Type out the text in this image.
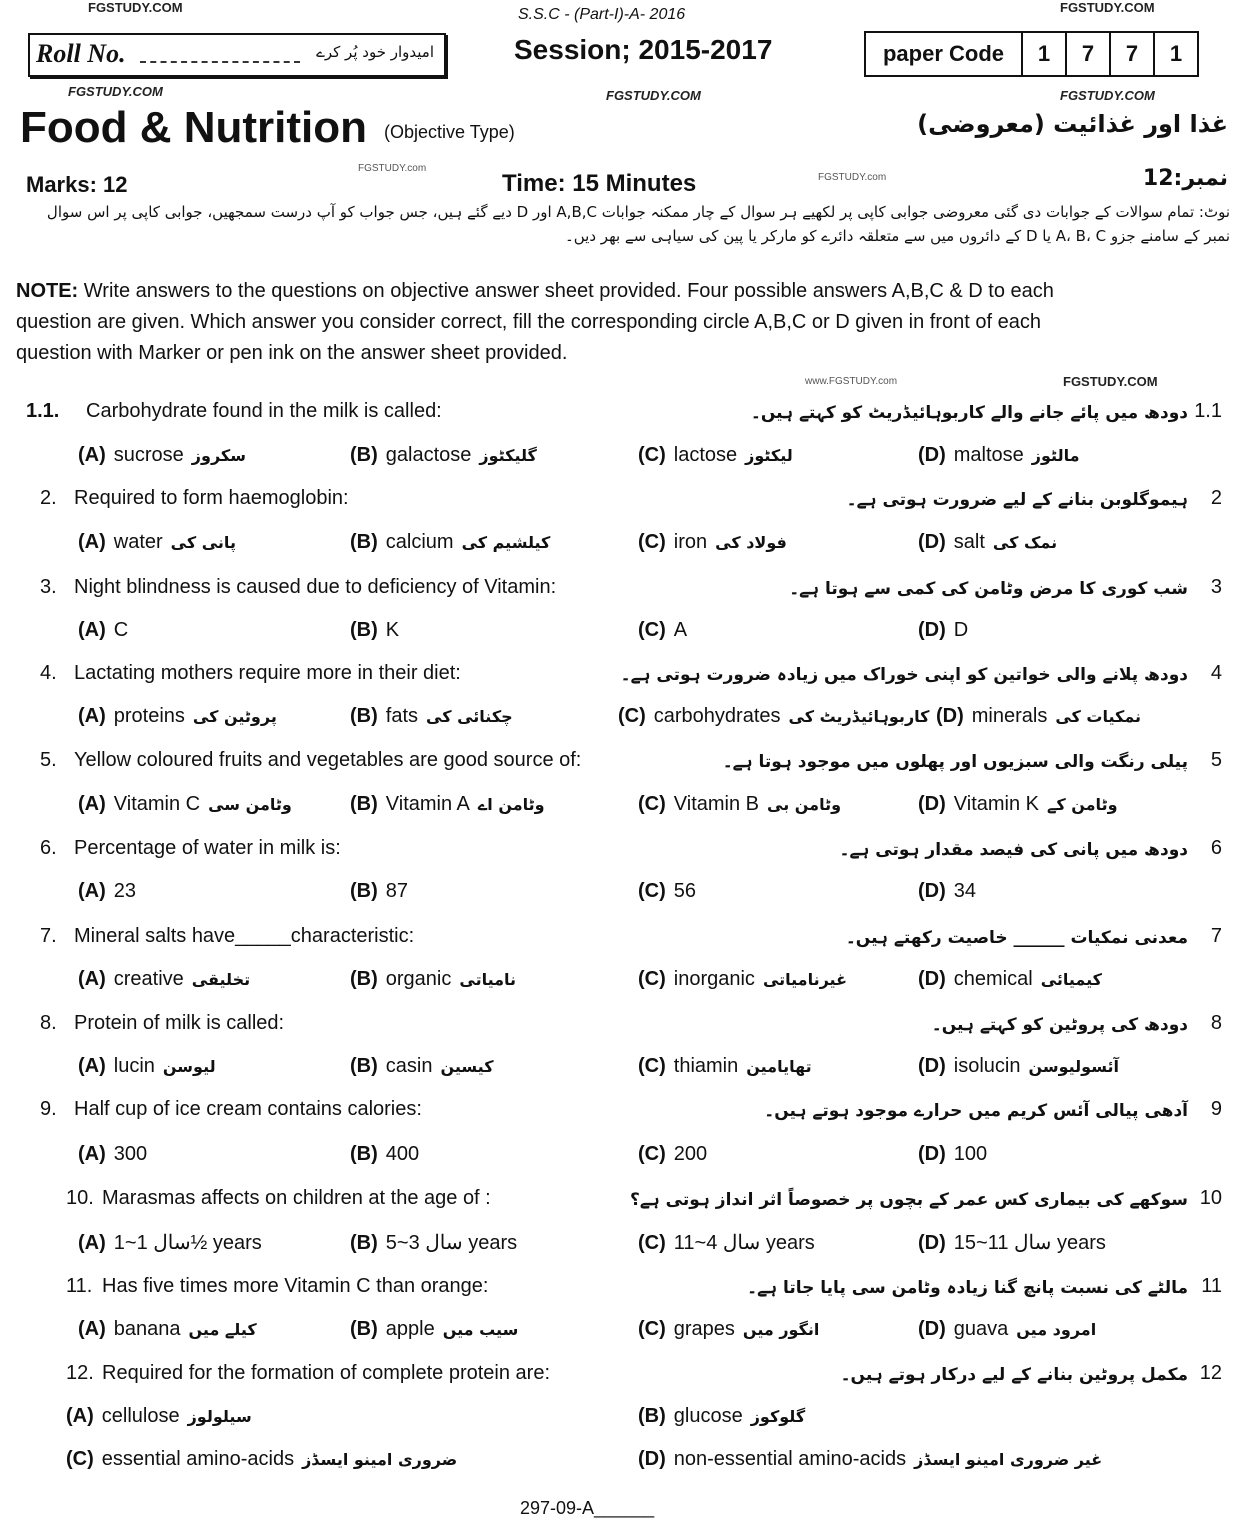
FGSTUDY.COM	FGSTUDY.COM
FGSTUDY.COM	FGSTUDY.COM	FGSTUDY.COM
FGSTUDY.com
FGSTUDY.com
www.FGSTUDY.com	FGSTUDY.COM
S.S.C - (Part-I)-A- 2016
Roll No.	امیدوار خود پُر کرے	Session; 2015-2017	paper Code	1	7	7	1
Food & Nutrition (Objective Type)	غذا اور غذائیت (معروضی)
Marks: 12	Time: 15 Minutes	نمبر:12
نوٹ: تمام سوالات کے جوابات دی گئی معروضی جوابی کاپی پر لکھیے ہر سوال کے چار ممکنہ جوابات A,B,C اور D دیے گئے ہیں، جس جواب کو آپ درست سمجھیں، جوابی کاپی پر اس سوال نمبر کے سامنے جزو A، B، C یا D کے دائروں میں سے متعلقہ دائرے کو مارکر یا پین کی سیاہی سے بھر دیں۔
NOTE: Write answers to the questions on objective answer sheet provided. Four possible answers A,B,C & D to each
question are given. Which answer you consider correct, fill the corresponding circle A,B,C or D given in front of each
question with Marker or pen ink on the answer sheet provided.
1.1. Carbohydrate found in the milk is called:	دودھ میں پائے جانے والے کاربوہائیڈریٹ کو کہتے ہیں۔ 1.1
(A) sucrose سکروز	(B) galactose گلیکٹوز	(C) lactose لیکٹوز	(D) maltose مالٹوز
2. Required to form haemoglobin:	ہیموگلوبن بنانے کے لیے ضرورت ہوتی ہے۔ 2
(A) water پانی کی	(B) calcium کیلشیم کی	(C) iron فولاد کی	(D) salt نمک کی
3. Night blindness is caused due to deficiency of Vitamin:	شب کوری کا مرض وٹامن کی کمی سے ہوتا ہے۔ 3
(A) C	(B) K	(C) A	(D) D
4. Lactating mothers require more in their diet:	دودھ پلانے والی خواتین کو اپنی خوراک میں زیادہ ضرورت ہوتی ہے۔ 4
(A) proteins پروٹین کی	(B) fats چکنائی کی	(C) carbohydrates کاربوہائیڈریٹ کی (D) minerals نمکیات کی
5. Yellow coloured fruits and vegetables are good source of:	پیلی رنگت والی سبزیوں اور پھلوں میں موجود ہوتا ہے۔ 5
(A) Vitamin C وٹامن سی	(B) Vitamin A وٹامن اے	(C) Vitamin B وٹامن بی	(D) Vitamin K وٹامن کے
6. Percentage of water in milk is:	دودھ میں پانی کی فیصد مقدار ہوتی ہے۔ 6
(A) 23	(B) 87	(C) 56	(D) 34
7. Mineral salts have_____characteristic:	معدنی نمکیات ______ خاصیت رکھتے ہیں۔ 7
(A) creative تخلیقی	(B) organic نامیاتی	(C) inorganic غیرنامیاتی	(D) chemical کیمیائی
8. Protein of milk is called:	دودھ کی پروٹین کو کہتے ہیں۔ 8
(A) lucin لیوسن	(B) casin کیسین	(C) thiamin تھایامین	(D) isolucin آئسولیوسن
9. Half cup of ice cream contains calories:	آدھی پیالی آئس کریم میں حرارے موجود ہوتے ہیں۔ 9
(A) 300	(B) 400	(C) 200	(D) 100
10. Marasmas affects on children at the age of :	سوکھے کی بیماری کس عمر کے بچوں پر خصوصاً اثر انداز ہوتی ہے؟ 10
(A) سال 1~1½ years	(B) سال 3~5 years	(C) سال 4~11 years	(D) سال 11~15 years
11. Has five times more Vitamin C than orange:	مالٹے کی نسبت پانچ گنا زیادہ وٹامن سی پایا جاتا ہے۔ 11
(A) banana کیلے میں	(B) apple سیب میں	(C) grapes انگور میں	(D) guava امرود میں
12. Required for the formation of complete protein are:	مکمل پروٹین بنانے کے لیے درکار ہوتے ہیں۔ 12
(A) cellulose سیلولوز	(B) glucose گلوکوز
(C) essential amino-acids ضروری امینو ایسڈز	(D) non-essential amino-acids غیر ضروری امینو ایسڈز
297-09-A______
